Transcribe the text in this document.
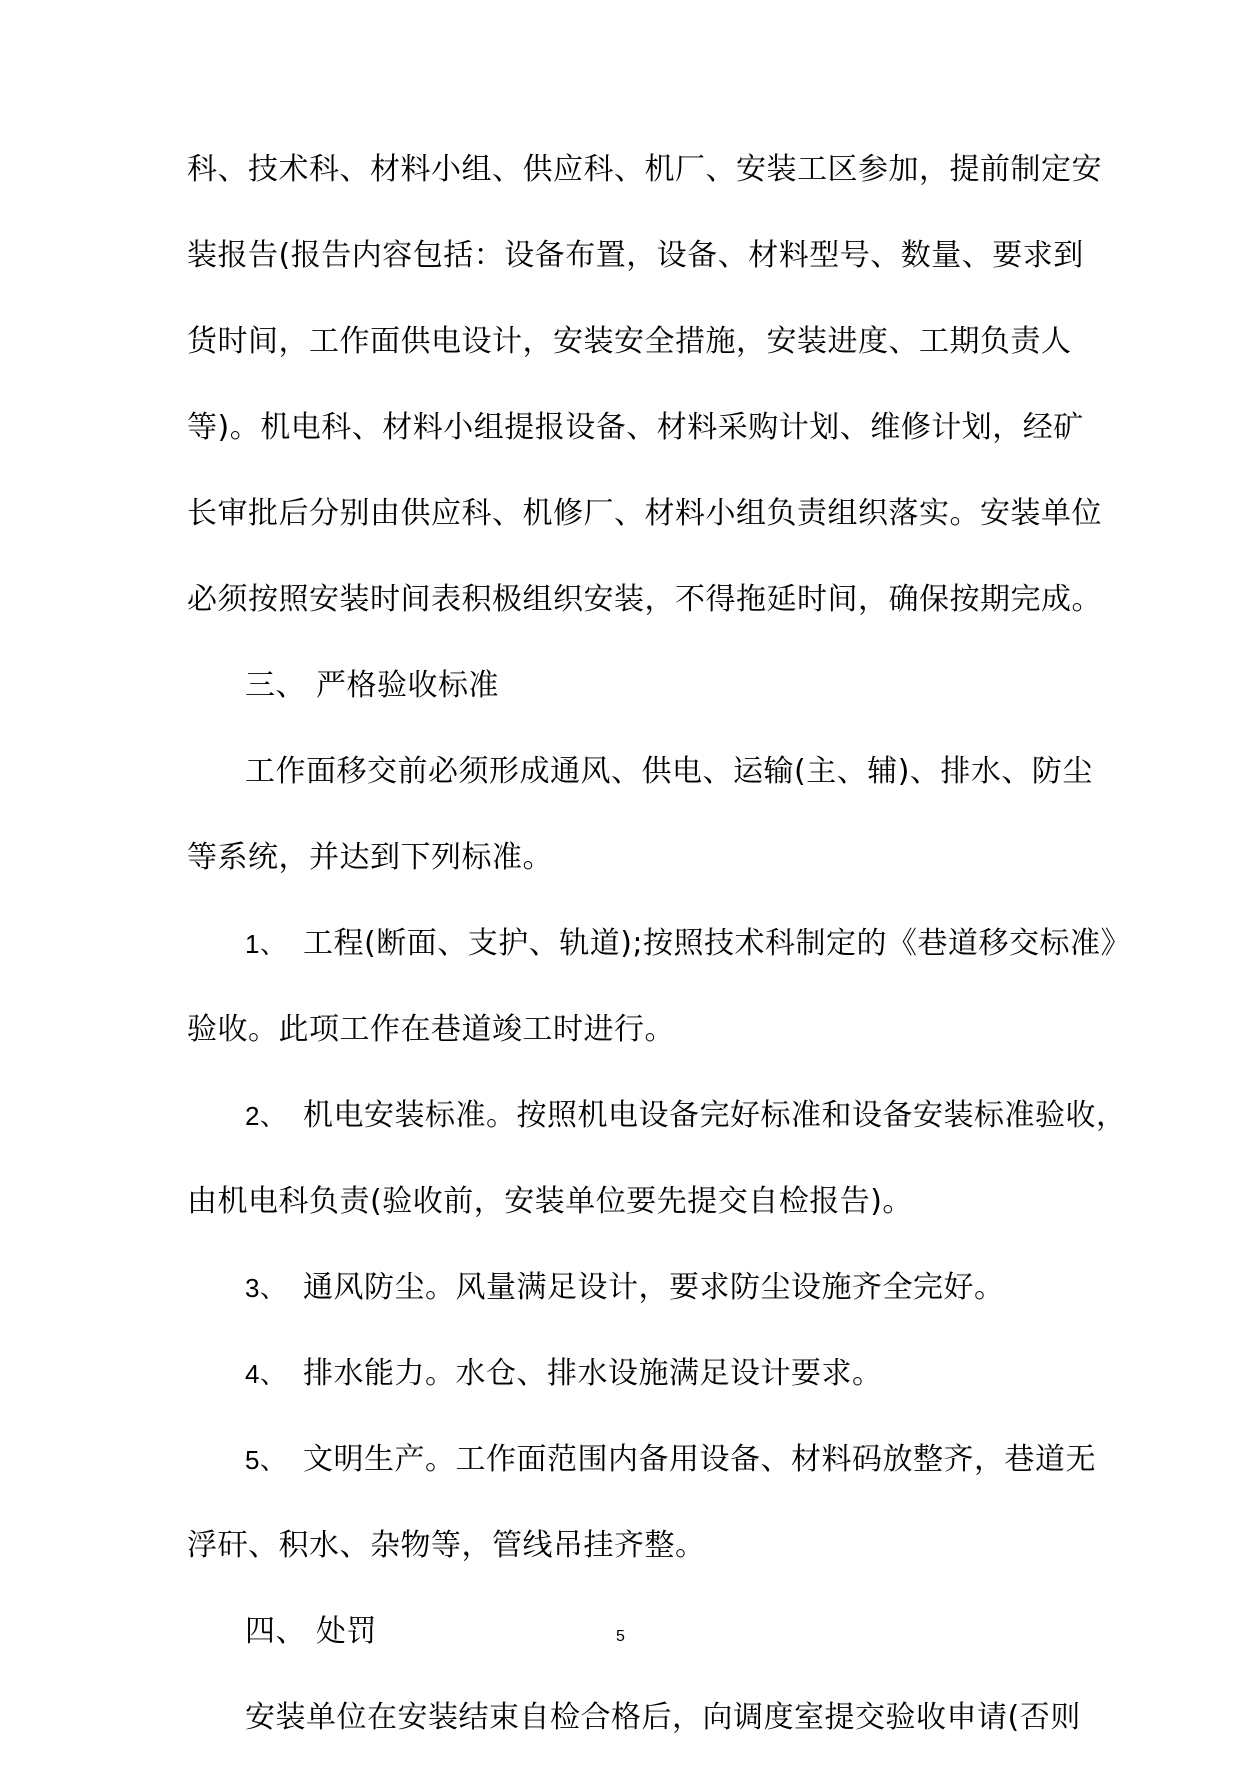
科、技术科、材料小组、供应科、机厂、安装工区参加，提前制定安
装报告(报告内容包括：设备布置，设备、材料型号、数量、要求到
货时间，工作面供电设计，安装安全措施，安装进度、工期负责人
等)。机电科、材料小组提报设备、材料采购计划、维修计划，经矿
长审批后分别由供应科、机修厂、材料小组负责组织落实。安装单位
必须按照安装时间表积极组织安装，不得拖延时间，确保按期完成。
三、 严格验收标准
工作面移交前必须形成通风、供电、运输(主、辅)、排水、防尘
等系统，并达到下列标准。
1、 工程(断面、支护、轨道);按照技术科制定的《巷道移交标准》
验收。此项工作在巷道竣工时进行。
2、 机电安装标准。按照机电设备完好标准和设备安装标准验收，
由机电科负责(验收前，安装单位要先提交自检报告)。
3、 通风防尘。风量满足设计，要求防尘设施齐全完好。
4、 排水能力。水仓、排水设施满足设计要求。
5、 文明生产。工作面范围内备用设备、材料码放整齐，巷道无
浮矸、积水、杂物等，管线吊挂齐整。
四、 处罚
安装单位在安装结束自检合格后，向调度室提交验收申请(否则
5
